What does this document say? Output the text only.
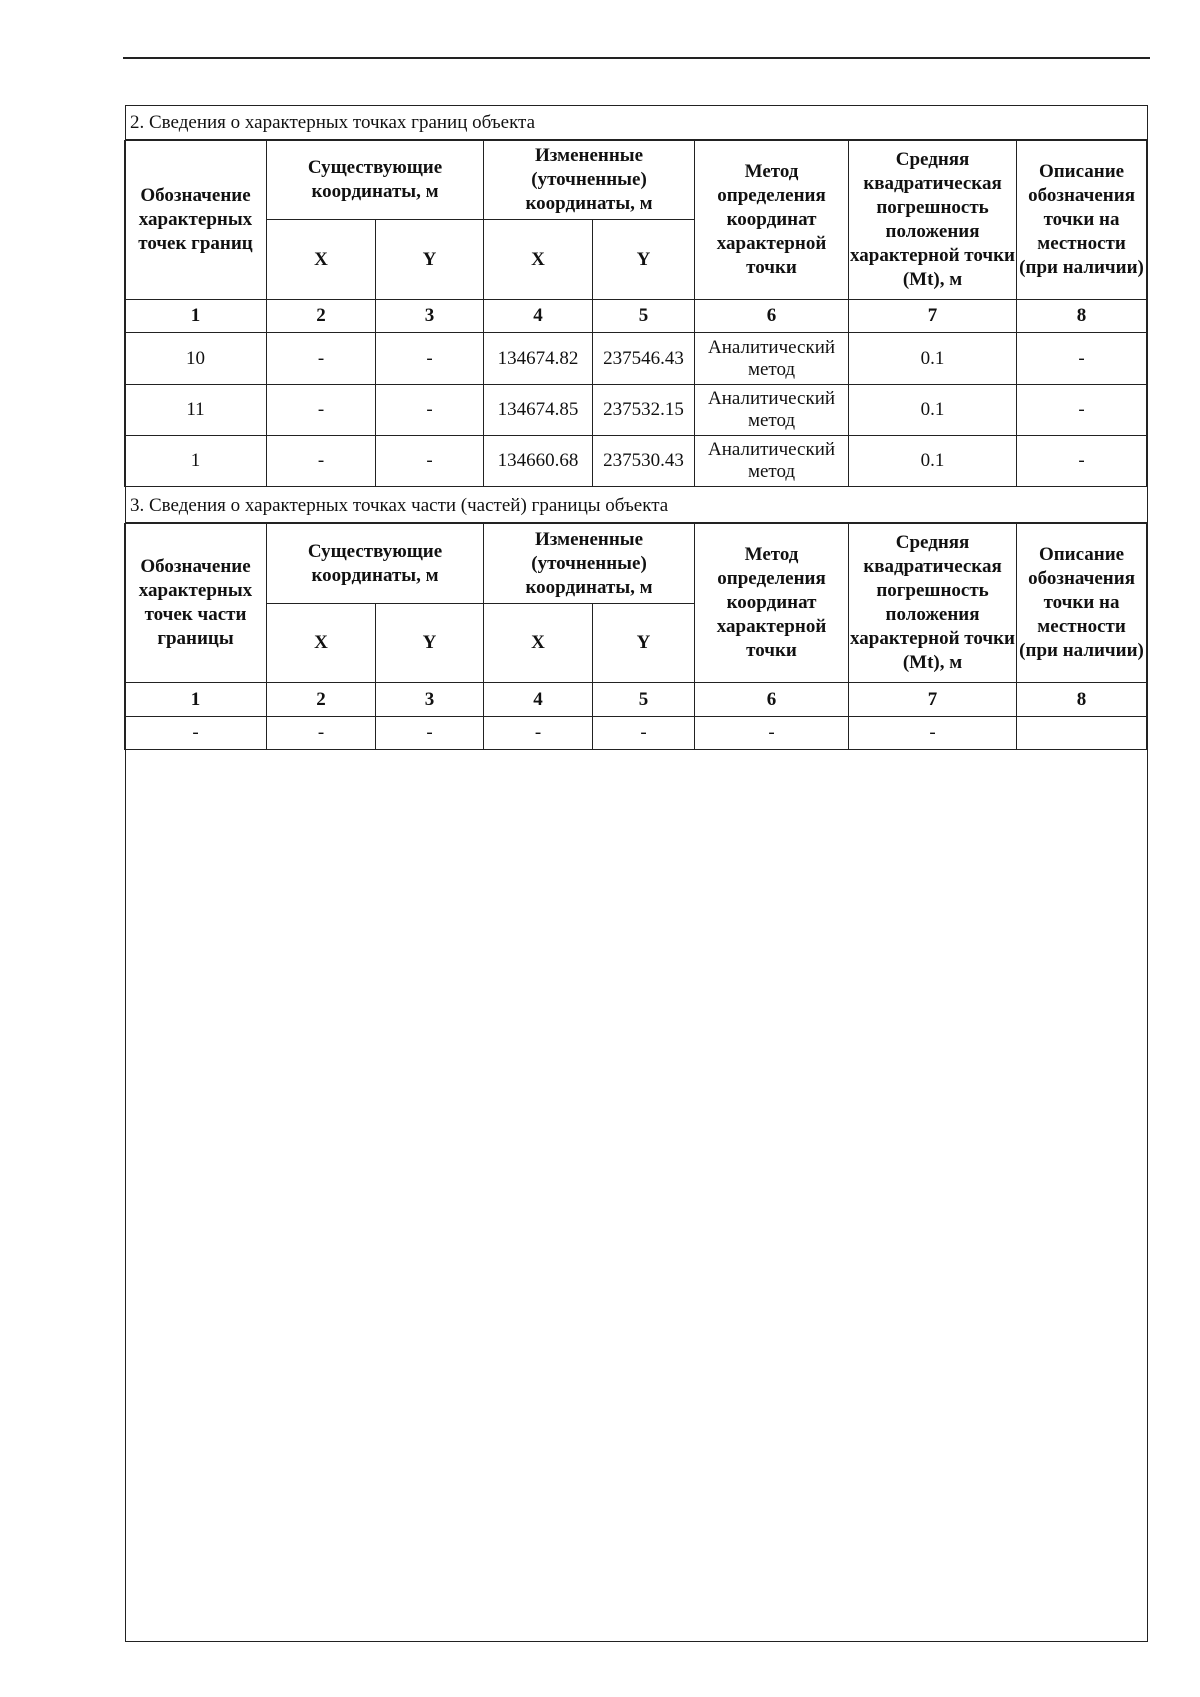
2. Сведения о характерных точках границ объекта
Обозначение характерных точек границ	Существующие координаты, м		Измененные (уточненные) координаты, м		Метод определения координат характерной точки	Средняя квадратическая погрешность положения характерной точки (Mt), м	Описание обозначения точки на местности (при наличии)
	X	Y	X	Y			
1	2	3	4	5	6	7	8
10	-	-	134674.82	237546.43	Аналитический метод	0.1	-
11	-	-	134674.85	237532.15	Аналитический метод	0.1	-
1	-	-	134660.68	237530.43	Аналитический метод	0.1	-
3. Сведения о характерных точках части (частей) границы объекта
Обозначение характерных точек части границы	Существующие координаты, м		Измененные (уточненные) координаты, м		Метод определения координат характерной точки	Средняя квадратическая погрешность положения характерной точки (Mt), м	Описание обозначения точки на местности (при наличии)
	X	Y	X	Y			
1	2	3	4	5	6	7	8
-	-	-	-	-	-	-	
